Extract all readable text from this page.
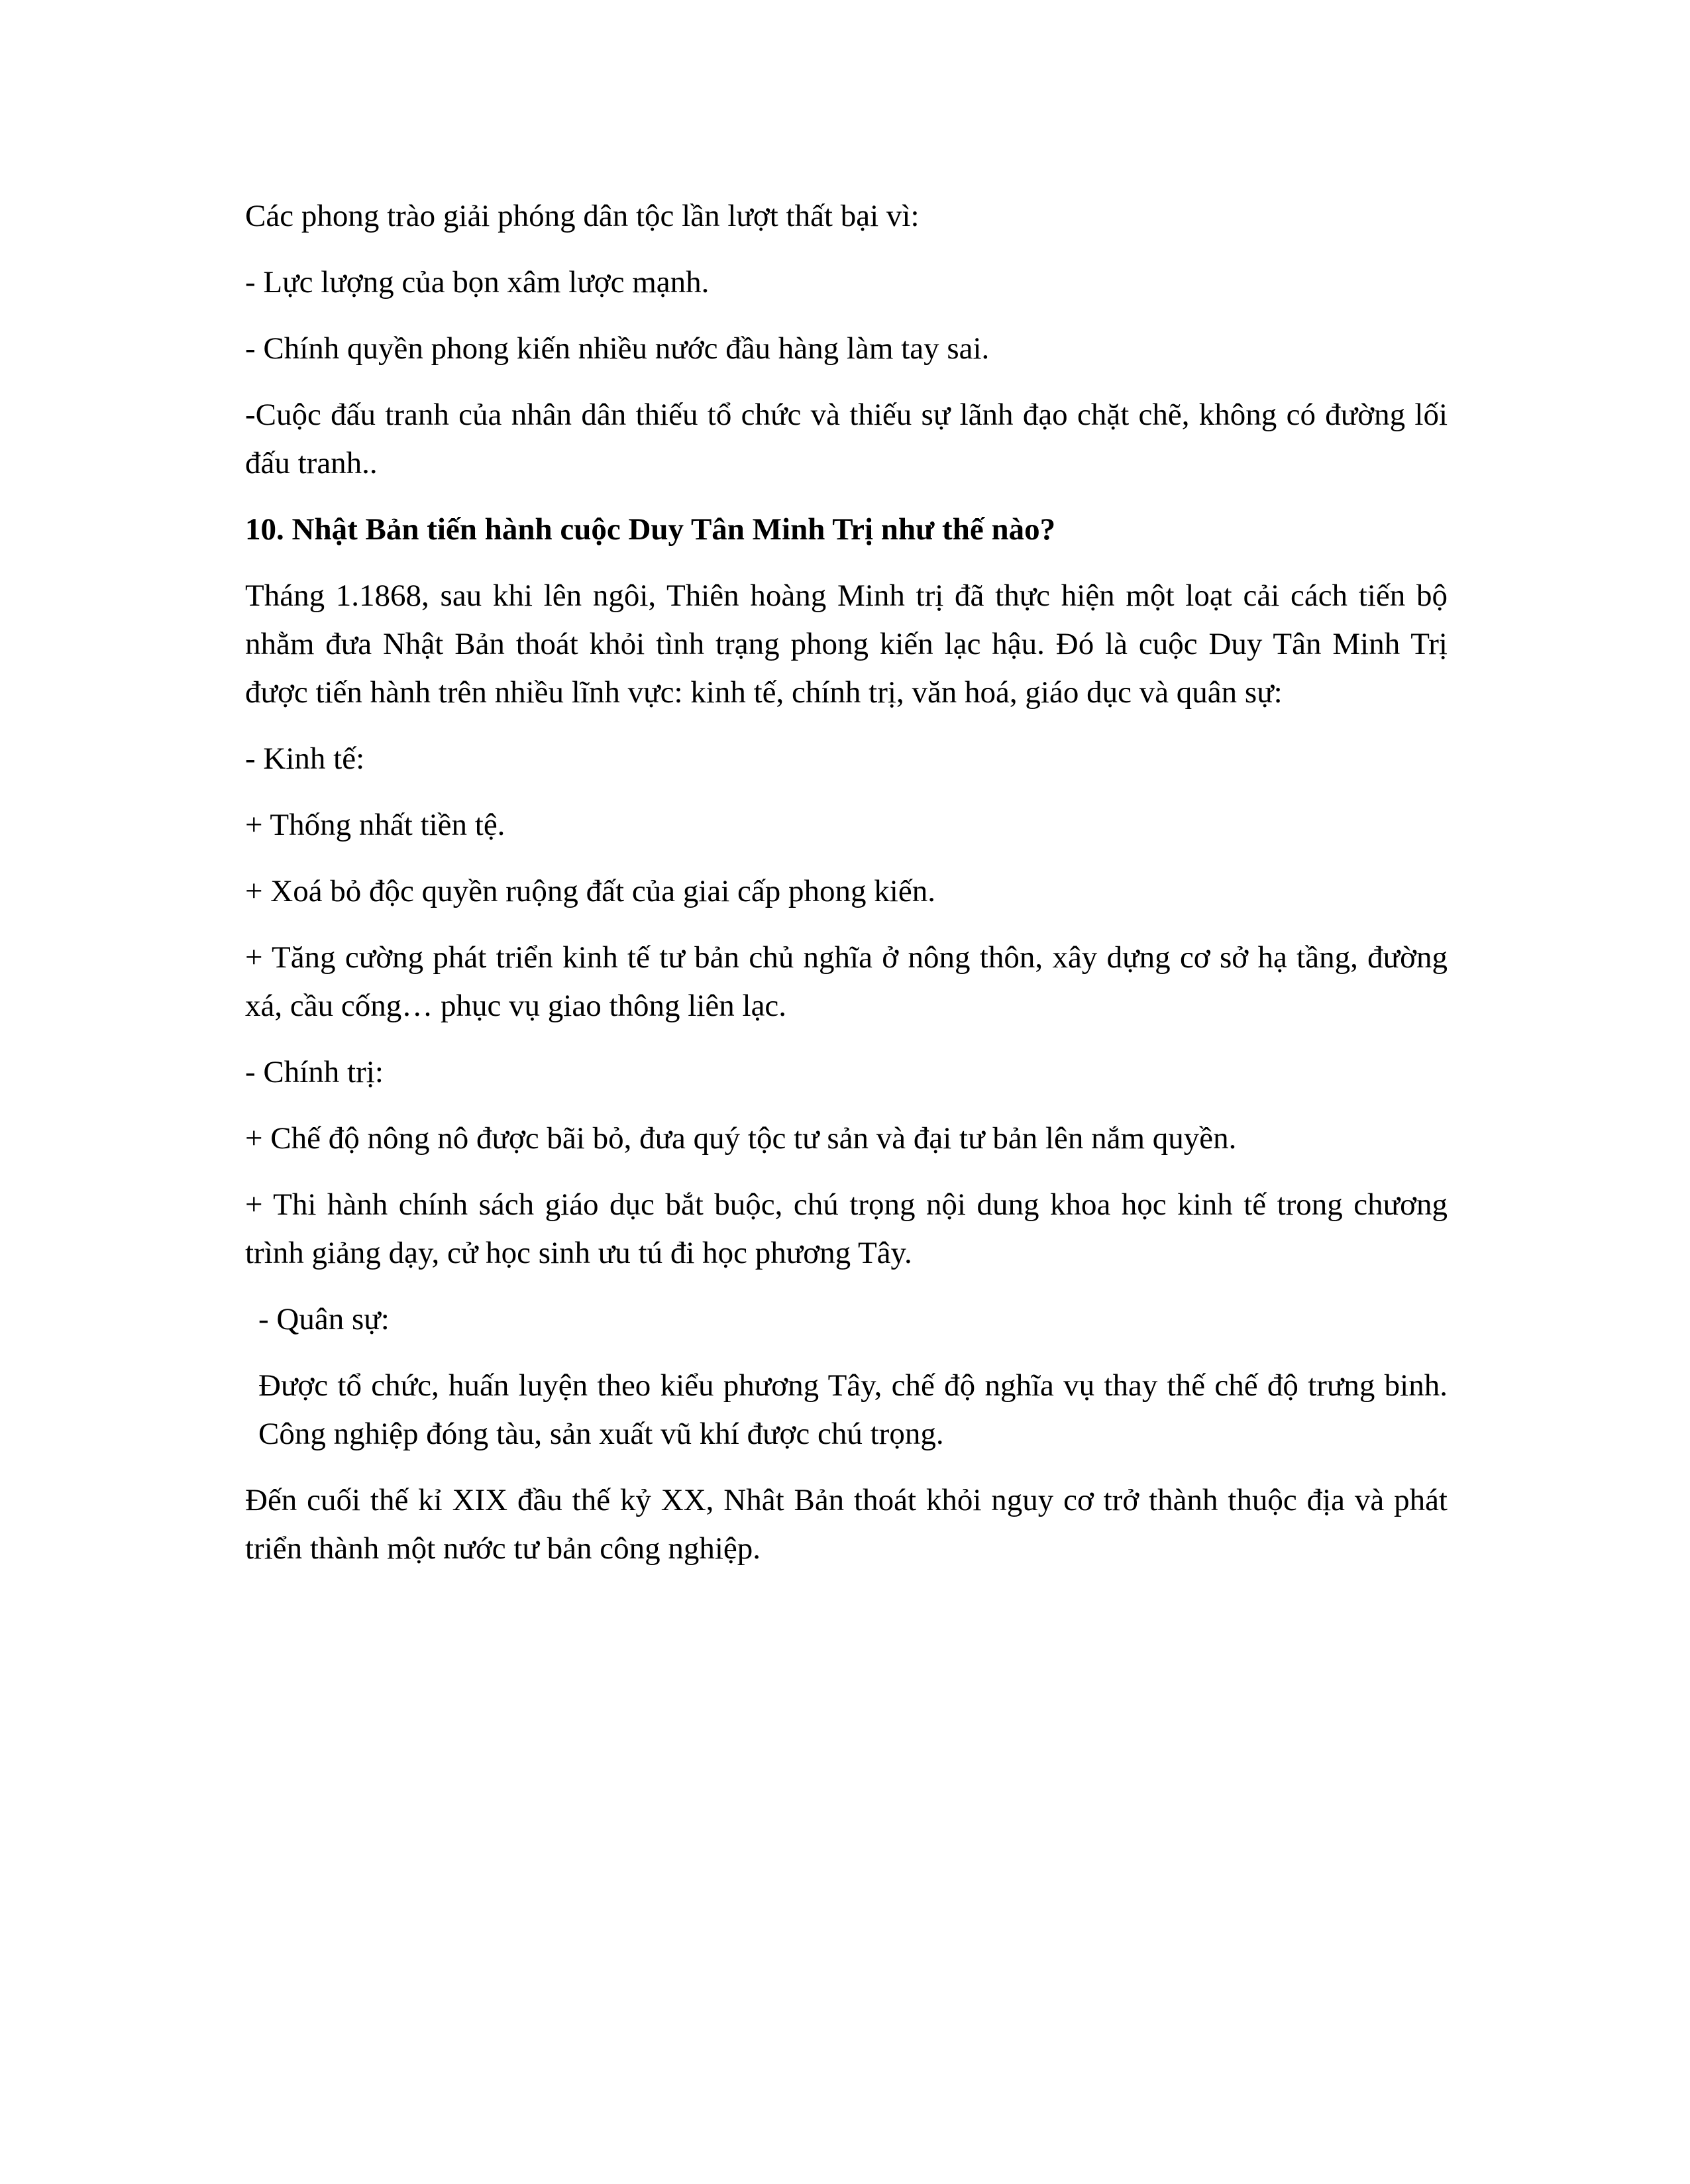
Các phong trào giải phóng dân tộc lần lượt thất bại vì:

- Lực lượng của bọn xâm lược mạnh.

- Chính quyền phong kiến nhiều nước đầu hàng làm tay sai.

-Cuộc đấu tranh của nhân dân thiếu tổ chức và thiếu sự lãnh đạo chặt chẽ, không có đường lối đấu tranh..

10. Nhật Bản tiến hành cuộc Duy Tân Minh Trị như thế nào?

Tháng 1.1868, sau khi lên ngôi, Thiên hoàng Minh trị đã thực hiện một loạt cải cách tiến bộ nhằm đưa Nhật Bản thoát khỏi tình trạng phong kiến lạc hậu. Đó là cuộc Duy Tân Minh Trị được tiến hành trên nhiều lĩnh vực: kinh tế, chính trị, văn hoá, giáo dục và quân sự:

- Kinh tế:

+ Thống nhất tiền tệ.

+ Xoá bỏ độc quyền ruộng đất của giai cấp phong kiến.

+ Tăng cường phát triển kinh tế tư bản chủ nghĩa ở nông thôn, xây dựng cơ sở hạ tầng, đường xá, cầu cống… phục vụ giao thông liên lạc.

- Chính trị:

+ Chế độ nông nô được bãi bỏ, đưa quý tộc tư sản và đại tư bản lên nắm quyền.

+ Thi hành chính sách giáo dục bắt buộc, chú trọng nội dung khoa học kinh tế trong chương trình giảng dạy, cử học sinh ưu tú đi học phương Tây.

- Quân sự:

Được tổ chức, huấn luyện theo kiểu phương Tây, chế độ nghĩa vụ thay thế chế độ trưng binh. Công nghiệp đóng tàu, sản xuất vũ khí được chú trọng.

Đến cuối thế kỉ XIX đầu thế kỷ XX, Nhât Bản thoát khỏi nguy cơ trở thành thuộc địa và phát triển thành một nước tư bản công nghiệp.
